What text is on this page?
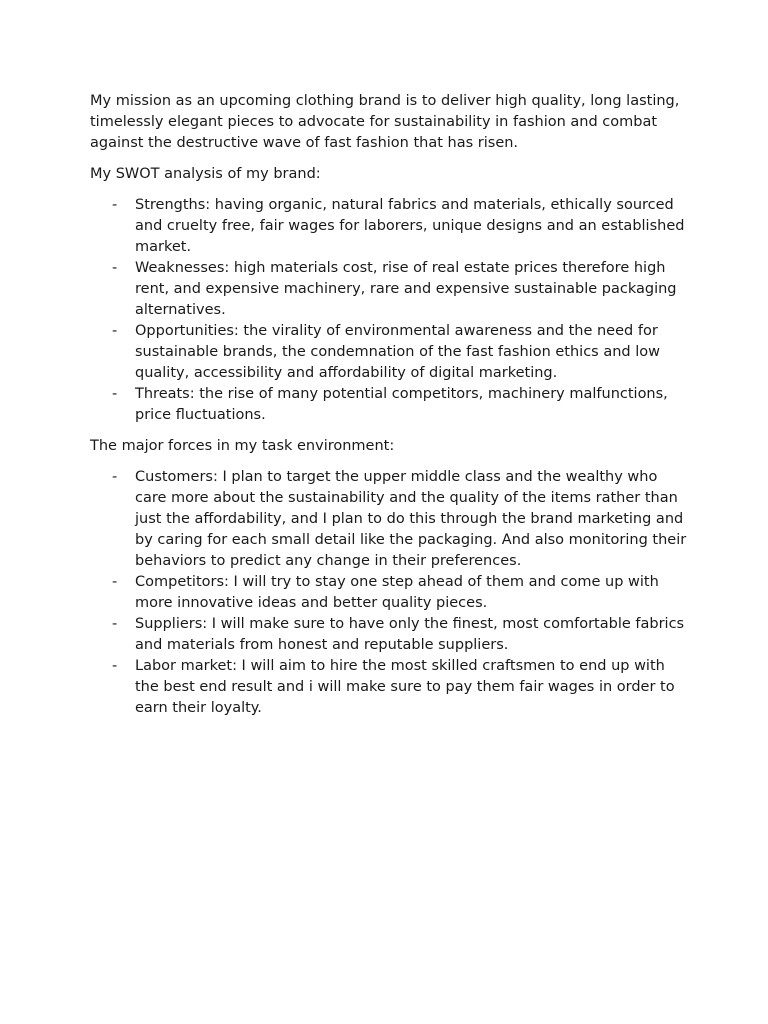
My mission as an upcoming clothing brand is to deliver high quality, long lasting, timelessly elegant pieces to advocate for sustainability in fashion and combat against the destructive wave of fast fashion that has risen.

My SWOT analysis of my brand:

- Strengths: having organic, natural fabrics and materials, ethically sourced and cruelty free, fair wages for laborers, unique designs and an established market.
- Weaknesses: high materials cost, rise of real estate prices therefore high rent, and expensive machinery, rare and expensive sustainable packaging alternatives.
- Opportunities: the virality of environmental awareness and the need for sustainable brands, the condemnation of the fast fashion ethics and low quality, accessibility and affordability of digital marketing.
- Threats: the rise of many potential competitors, machinery malfunctions, price fluctuations.

The major forces in my task environment:

- Customers: I plan to target the upper middle class and the wealthy who care more about the sustainability and the quality of the items rather than just the affordability, and I plan to do this through the brand marketing and by caring for each small detail like the packaging. And also monitoring their behaviors to predict any change in their preferences.
- Competitors: I will try to stay one step ahead of them and come up with more innovative ideas and better quality pieces.
- Suppliers: I will make sure to have only the finest, most comfortable fabrics and materials from honest and reputable suppliers.
- Labor market: I will aim to hire the most skilled craftsmen to end up with the best end result and i will make sure to pay them fair wages in order to earn their loyalty.
